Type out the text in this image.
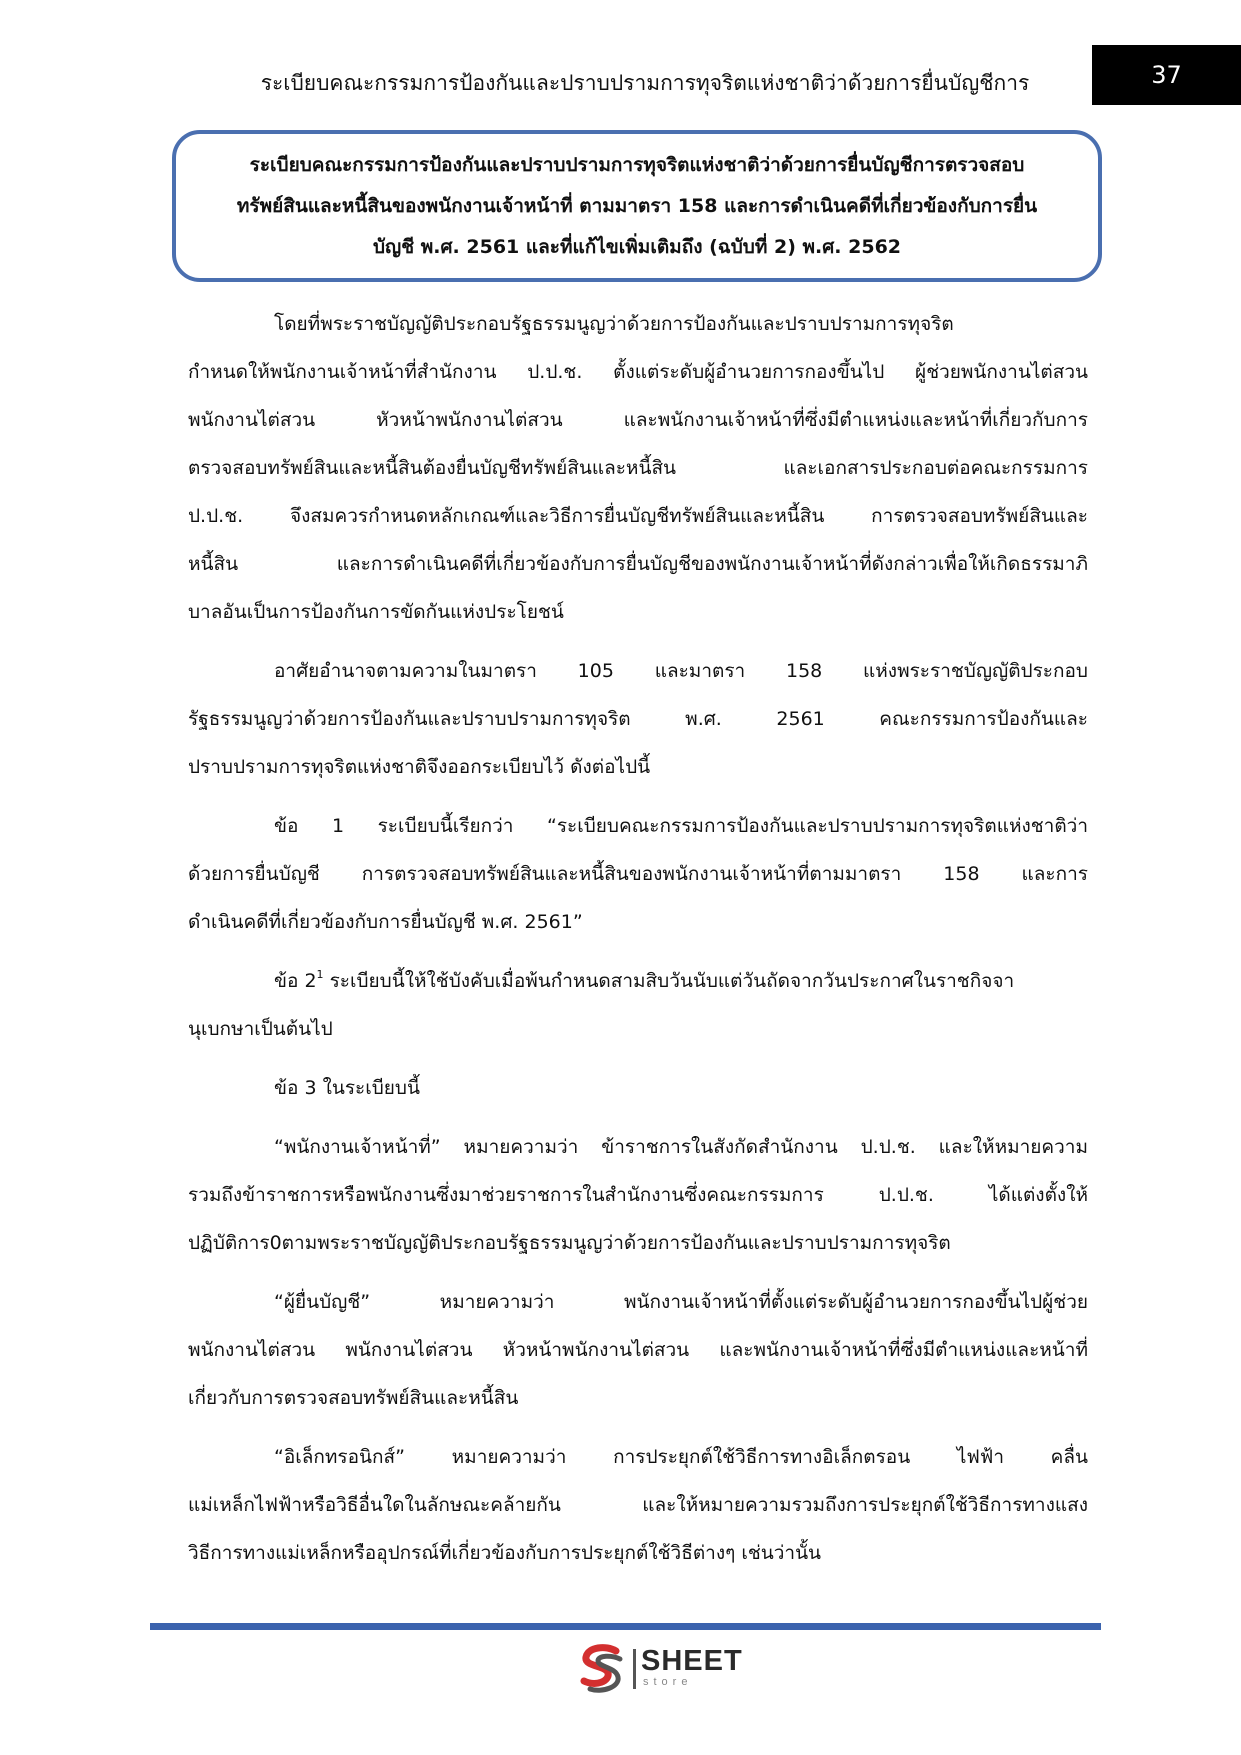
ระเบียบคณะกรรมการป้องกันและปราบปรามการทุจริตแห่งชาติว่าด้วยการยื่นบัญชีการ	37
ระเบียบคณะกรรมการป้องกันและปราบปรามการทุจริตแห่งชาติว่าด้วยการยื่นบัญชีการตรวจสอบ
ทรัพย์สินและหนี้สินของพนักงานเจ้าหน้าที่ ตามมาตรา 158 และการดำเนินคดีที่เกี่ยวข้องกับการยื่น
บัญชี พ.ศ. 2561 และที่แก้ไขเพิ่มเติมถึง (ฉบับที่ 2) พ.ศ. 2562
โดยที่พระราชบัญญัติประกอบรัฐธรรมนูญว่าด้วยการป้องกันและปราบปรามการทุจริต
กำหนดให้พนักงานเจ้าหน้าที่สำนักงาน ป.ป.ช. ตั้งแต่ระดับผู้อำนวยการกองขึ้นไป ผู้ช่วยพนักงานไต่สวน
พนักงานไต่สวน หัวหน้าพนักงานไต่สวน และพนักงานเจ้าหน้าที่ซึ่งมีตำแหน่งและหน้าที่เกี่ยวกับการ
ตรวจสอบทรัพย์สินและหนี้สินต้องยื่นบัญชีทรัพย์สินและหนี้สิน และเอกสารประกอบต่อคณะกรรมการ
ป.ป.ช. จึงสมควรกำหนดหลักเกณฑ์และวิธีการยื่นบัญชีทรัพย์สินและหนี้สิน การตรวจสอบทรัพย์สินและ
หนี้สิน และการดำเนินคดีที่เกี่ยวข้องกับการยื่นบัญชีของพนักงานเจ้าหน้าที่ดังกล่าวเพื่อให้เกิดธรรมาภิ
บาลอันเป็นการป้องกันการขัดกันแห่งประโยชน์
อาศัยอำนาจตามความในมาตรา 105 และมาตรา 158 แห่งพระราชบัญญัติประกอบ
รัฐธรรมนูญว่าด้วยการป้องกันและปราบปรามการทุจริต พ.ศ. 2561 คณะกรรมการป้องกันและ
ปราบปรามการทุจริตแห่งชาติจึงออกระเบียบไว้ ดังต่อไปนี้
ข้อ 1 ระเบียบนี้เรียกว่า “ระเบียบคณะกรรมการป้องกันและปราบปรามการทุจริตแห่งชาติว่า
ด้วยการยื่นบัญชี การตรวจสอบทรัพย์สินและหนี้สินของพนักงานเจ้าหน้าที่ตามมาตรา 158 และการ
ดำเนินคดีที่เกี่ยวข้องกับการยื่นบัญชี พ.ศ. 2561”
ข้อ $2^1$ ระเบียบนี้ให้ใช้บังคับเมื่อพ้นกำหนดสามสิบวันนับแต่วันถัดจากวันประกาศในราชกิจจา
นุเบกษาเป็นต้นไป
ข้อ 3 ในระเบียบนี้
“พนักงานเจ้าหน้าที่” หมายความว่า ข้าราชการในสังกัดสำนักงาน ป.ป.ช. และให้หมายความ
รวมถึงข้าราชการหรือพนักงานซึ่งมาช่วยราชการในสำนักงานซึ่งคณะกรรมการ ป.ป.ช. ได้แต่งตั้งให้
ปฏิบัติการ0ตามพระราชบัญญัติประกอบรัฐธรรมนูญว่าด้วยการป้องกันและปราบปรามการทุจริต
“ผู้ยื่นบัญชี” หมายความว่า พนักงานเจ้าหน้าที่ตั้งแต่ระดับผู้อำนวยการกองขึ้นไปผู้ช่วย
พนักงานไต่สวน พนักงานไต่สวน หัวหน้าพนักงานไต่สวน และพนักงานเจ้าหน้าที่ซึ่งมีตำแหน่งและหน้าที่
เกี่ยวกับการตรวจสอบทรัพย์สินและหนี้สิน
“อิเล็กทรอนิกส์” หมายความว่า การประยุกต์ใช้วิธีการทางอิเล็กตรอน ไฟฟ้า คลื่น
แม่เหล็กไฟฟ้าหรือวิธีอื่นใดในลักษณะคล้ายกัน และให้หมายความรวมถึงการประยุกต์ใช้วิธีการทางแสง
วิธีการทางแม่เหล็กหรืออุปกรณ์ที่เกี่ยวข้องกับการประยุกต์ใช้วิธีต่างๆ เช่นว่านั้น
SHEET
store
